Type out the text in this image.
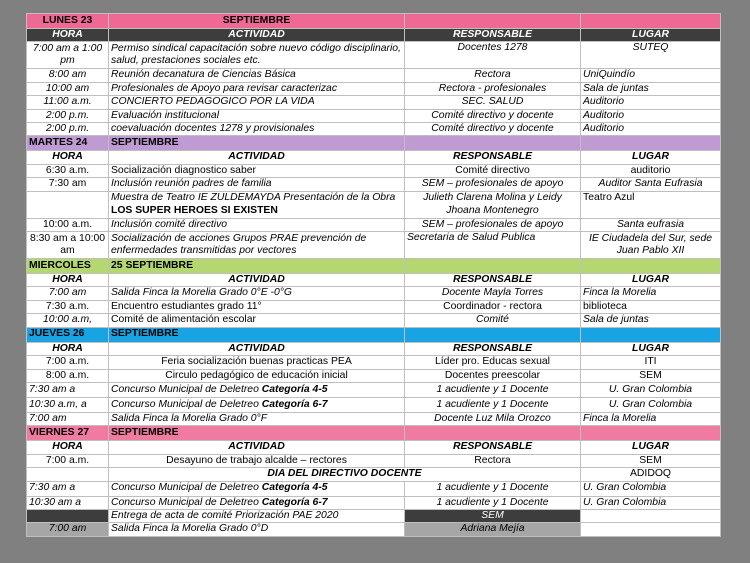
LUNES 23	SEPTIEMBRE		
HORA	ACTIVIDAD	RESPONSABLE	LUGAR
7:00 am a 1:00 pm	Permiso sindical capacitación sobre nuevo código disciplinario, salud, prestaciones sociales etc.	Docentes 1278	SUTEQ
8:00 am	Reunión decanatura de Ciencias Básica	Rectora	UniQuindío
10:00 am	Profesionales de Apoyo para revisar caracterizac	Rectora - profesionales	Sala de juntas
11:00 a.m.	CONCIERTO PEDAGOGICO POR LA VIDA	SEC. SALUD	Auditorio
2:00 p.m.	Evaluación institucional	Comité directivo y docente	Auditorio
2:00 p.m.	coevaluación docentes 1278 y provisionales	Comité directivo y docente	Auditorio
MARTES 24	SEPTIEMBRE		
HORA	ACTIVIDAD	RESPONSABLE	LUGAR
6:30 a.m.	Socialización diagnostico saber	Comité directivo	auditorio
7:30 am	Inclusión reunión padres de familia	SEM – profesionales de apoyo	Auditor Santa Eufrasia
	Muestra de Teatro IE ZULDEMAYDA Presentación de la Obra LOS SUPER HEROES SI EXISTEN	Julieth Clarena Molina y Leidy Jhoana Montenegro	Teatro Azul
10:00 a.m.	Inclusión comité directivo	SEM – profesionales de apoyo	Santa eufrasia
8:30 am a 10:00 am	Socialización de acciones Grupos PRAE prevención de enfermedades transmitidas por vectores	Secretaria de Salud Publica	IE Ciudadela del Sur, sede Juan Pablo XII
MIERCOLES	25 SEPTIEMBRE		
HORA	ACTIVIDAD	RESPONSABLE	LUGAR
7:00 am	Salida Finca la Morelia Grado 0°E -0°G	Docente Mayla Torres	Finca la Morelia
7:30 a.m.	Encuentro estudiantes grado 11°	Coordinador - rectora	biblioteca
10:00 a.m,	Comité de alimentación escolar	Comité	Sala de juntas
JUEVES 26	SEPTIEMBRE		
HORA	ACTIVIDAD	RESPONSABLE	LUGAR
7:00 a.m.	Feria socialización buenas practicas PEA	Líder pro. Educas sexual	ITI
8:00 a.m.	Circulo pedagógico de educación inicial	Docentes preescolar	SEM
7:30 am a	Concurso Municipal de Deletreo Categoría 4-5	1 acudiente y 1 Docente	U. Gran Colombia
10:30 a.m, a	Concurso Municipal de Deletreo Categoría 6-7	1 acudiente y 1 Docente	U. Gran Colombia
7:00 am	Salida Finca la Morelia Grado 0°F	Docente Luz Mila Orozco	Finca la Morelia
VIERNES 27	SEPTIEMBRE		
HORA	ACTIVIDAD	RESPONSABLE	LUGAR
7:00 a.m.	Desayuno de trabajo alcalde – rectores	Rectora	SEM
	DIA DEL DIRECTIVO DOCENTE		ADIDOQ
7:30 am a	Concurso Municipal de Deletreo Categoría 4-5	1 acudiente y 1 Docente	U. Gran Colombia
10:30 am a	Concurso Municipal de Deletreo Categoría 6-7	1 acudiente y 1 Docente	U. Gran Colombia
	Entrega de acta de comité Priorización PAE 2020	SEM	
7:00 am	Salida Finca la Morelia Grado 0°D	Adriana Mejía	
